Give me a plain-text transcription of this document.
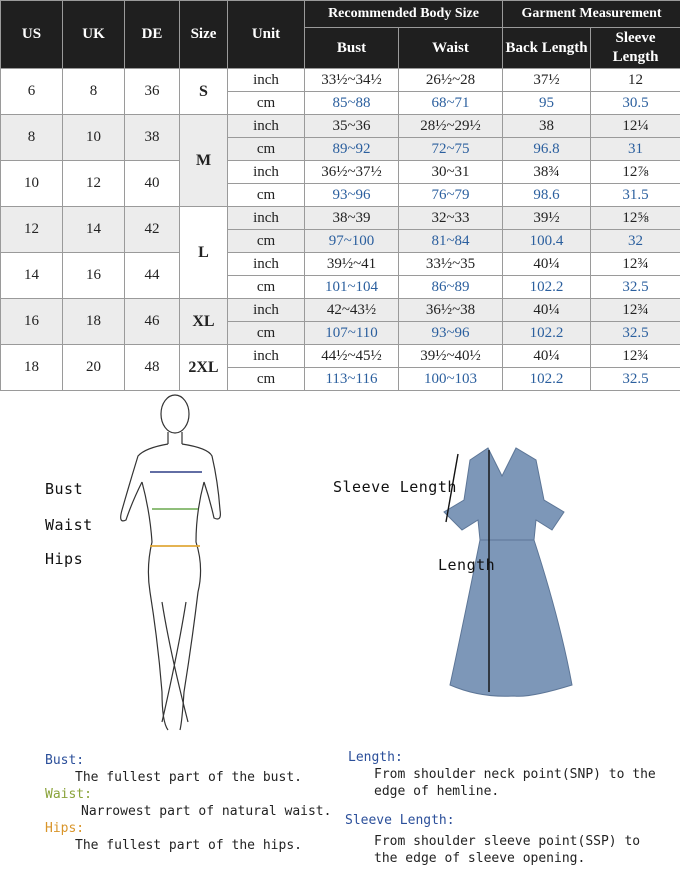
US	UK	DE	Size	Unit	Recommended Body Size		Garment Measurement	
					Bust	Waist	Back Length	Sleeve Length
6	8	36	S	inch	33½~34½	26½~28	37½	12
				cm	85~88	68~71	95	30.5
8	10	38	M	inch	35~36	28½~29½	38	12¼
				cm	89~92	72~75	96.8	31
10	12	40		inch	36½~37½	30~31	38¾	12⅞
				cm	93~96	76~79	98.6	31.5
12	14	42	L	inch	38~39	32~33	39½	12⅝
				cm	97~100	81~84	100.4	32
14	16	44		inch	39½~41	33½~35	40¼	12¾
				cm	101~104	86~89	102.2	32.5
16	18	46	XL	inch	42~43½	36½~38	40¼	12¾
				cm	107~110	93~96	102.2	32.5
18	20	48	2XL	inch	44½~45½	39½~40½	40¼	12¾
				cm	113~116	100~103	102.2	32.5
Bust
Waist
Hips
Sleeve Length
Length
Bust:
The fullest part of the bust.
Waist:
Narrowest part of natural waist.
Hips:
The fullest part of the hips.
Length:
From shoulder neck point(SNP) to the edge of hemline.
Sleeve Length:
From shoulder sleeve point(SSP) to the edge of sleeve opening.
